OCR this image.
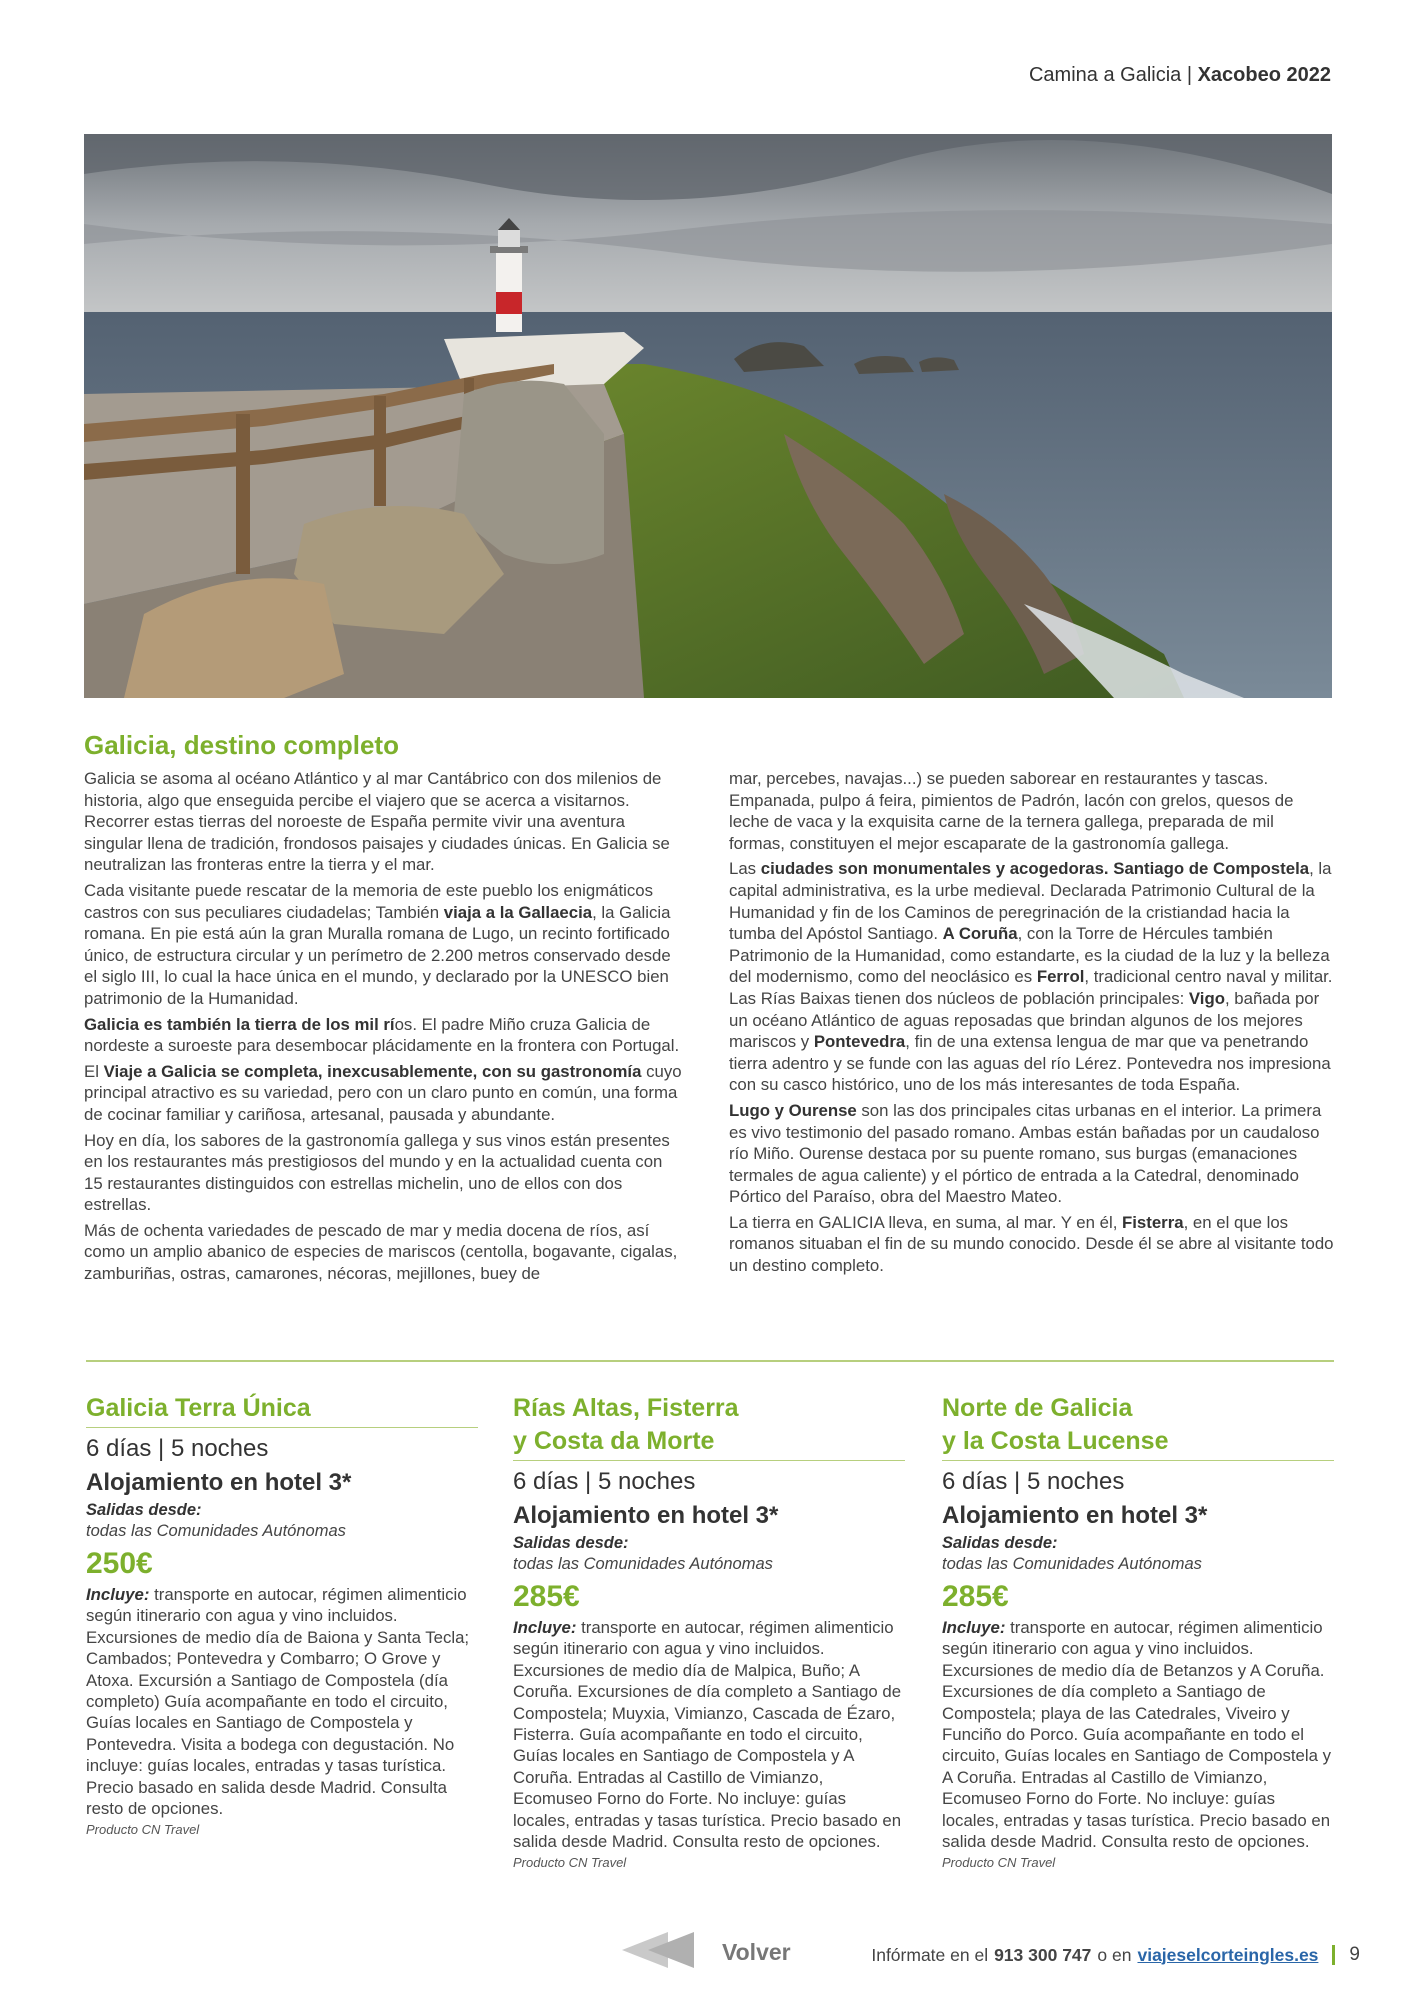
Camina a Galicia | Xacobeo 2022
Galicia, destino completo

Galicia se asoma al océano Atlántico y al mar Cantábrico con dos milenios de historia, algo que enseguida percibe el viajero que se acerca a visitarnos. Recorrer estas tierras del noroeste de España permite vivir una aventura singular llena de tradición, frondosos paisajes y ciudades únicas. En Galicia se neutralizan las fronteras entre la tierra y el mar.

Cada visitante puede rescatar de la memoria de este pueblo los enigmáticos castros con sus peculiares ciudadelas; También viaja a la Gallaecia, la Galicia romana. En pie está aún la gran Muralla romana de Lugo, un recinto fortificado único, de estructura circular y un perímetro de 2.200 metros conservado desde el siglo III, lo cual la hace única en el mundo, y declarado por la UNESCO bien patrimonio de la Humanidad.

Galicia es también la tierra de los mil ríos. El padre Miño cruza Galicia de nordeste a suroeste para desembocar plácidamente en la frontera con Portugal.

El Viaje a Galicia se completa, inexcusablemente, con su gastronomía cuyo principal atractivo es su variedad, pero con un claro punto en común, una forma de cocinar familiar y cariñosa, artesanal, pausada y abundante.

Hoy en día, los sabores de la gastronomía gallega y sus vinos están presentes en los restaurantes más prestigiosos del mundo y en la actualidad cuenta con 15 restaurantes distinguidos con estrellas michelin, uno de ellos con dos estrellas.

Más de ochenta variedades de pescado de mar y media docena de ríos, así como un amplio abanico de especies de mariscos (centolla, bogavante, cigalas, zamburiñas, ostras, camarones, nécoras, mejillones, buey de

mar, percebes, navajas...) se pueden saborear en restaurantes y tascas. Empanada, pulpo á feira, pimientos de Padrón, lacón con grelos, quesos de leche de vaca y la exquisita carne de la ternera gallega, preparada de mil formas, constituyen el mejor escaparate de la gastronomía gallega.

Las ciudades son monumentales y acogedoras. Santiago de Compostela, la capital administrativa, es la urbe medieval. Declarada Patrimonio Cultural de la Humanidad y fin de los Caminos de peregrinación de la cristiandad hacia la tumba del Apóstol Santiago. A Coruña, con la Torre de Hércules también Patrimonio de la Humanidad, como estandarte, es la ciudad de la luz y la belleza del modernismo, como del neoclásico es Ferrol, tradicional centro naval y militar. Las Rías Baixas tienen dos núcleos de población principales: Vigo, bañada por un océano Atlántico de aguas reposadas que brindan algunos de los mejores mariscos y Pontevedra, fin de una extensa lengua de mar que va penetrando tierra adentro y se funde con las aguas del río Lérez. Pontevedra nos impresiona con su casco histórico, uno de los más interesantes de toda España.

Lugo y Ourense son las dos principales citas urbanas en el interior. La primera es vivo testimonio del pasado romano. Ambas están bañadas por un caudaloso río Miño. Ourense destaca por su puente romano, sus burgas (emanaciones termales de agua caliente) y el pórtico de entrada a la Catedral, denominado Pórtico del Paraíso, obra del Maestro Mateo.

La tierra en GALICIA lleva, en suma, al mar. Y en él, Fisterra, en el que los romanos situaban el fin de su mundo conocido. Desde él se abre al visitante todo un destino completo.

Galicia Terra Única
6 días | 5 noches
Alojamiento en hotel 3*
Salidas desde:
todas las Comunidades Autónomas
250€

Incluye: transporte en autocar, régimen alimenticio según itinerario con agua y vino incluidos. Excursiones de medio día de Baiona y Santa Tecla; Cambados; Pontevedra y Combarro; O Grove y Atoxa. Excursión a Santiago de Compostela (día completo) Guía acompañante en todo el circuito, Guías locales en Santiago de Compostela y Pontevedra. Visita a bodega con degustación. No incluye: guías locales, entradas y tasas turística. Precio basado en salida desde Madrid. Consulta resto de opciones.

Producto CN Travel
Rías Altas, Fisterra
y Costa da Morte
6 días | 5 noches
Alojamiento en hotel 3*
Salidas desde:
todas las Comunidades Autónomas
285€

Incluye: transporte en autocar, régimen alimenticio según itinerario con agua y vino incluidos. Excursiones de medio día de Malpica, Buño; A Coruña. Excursiones de día completo a Santiago de Compostela; Muyxia, Vimianzo, Cascada de Ézaro, Fisterra. Guía acompañante en todo el circuito, Guías locales en Santiago de Compostela y A Coruña. Entradas al Castillo de Vimianzo, Ecomuseo Forno do Forte. No incluye: guías locales, entradas y tasas turística. Precio basado en salida desde Madrid. Consulta resto de opciones.

Producto CN Travel
Norte de Galicia
y la Costa Lucense
6 días | 5 noches
Alojamiento en hotel 3*
Salidas desde:
todas las Comunidades Autónomas
285€

Incluye: transporte en autocar, régimen alimenticio según itinerario con agua y vino incluidos. Excursiones de medio día de Betanzos y A Coruña. Excursiones de día completo a Santiago de Compostela; playa de las Catedrales, Viveiro y Funciño do Porco. Guía acompañante en todo el circuito, Guías locales en Santiago de Compostela y A Coruña. Entradas al Castillo de Vimianzo, Ecomuseo Forno do Forte. No incluye: guías locales, entradas y tasas turística. Precio basado en salida desde Madrid. Consulta resto de opciones.

Producto CN Travel
Volver	Infórmate en el 913 300 747 o en viajeselcorteingles.es 9
